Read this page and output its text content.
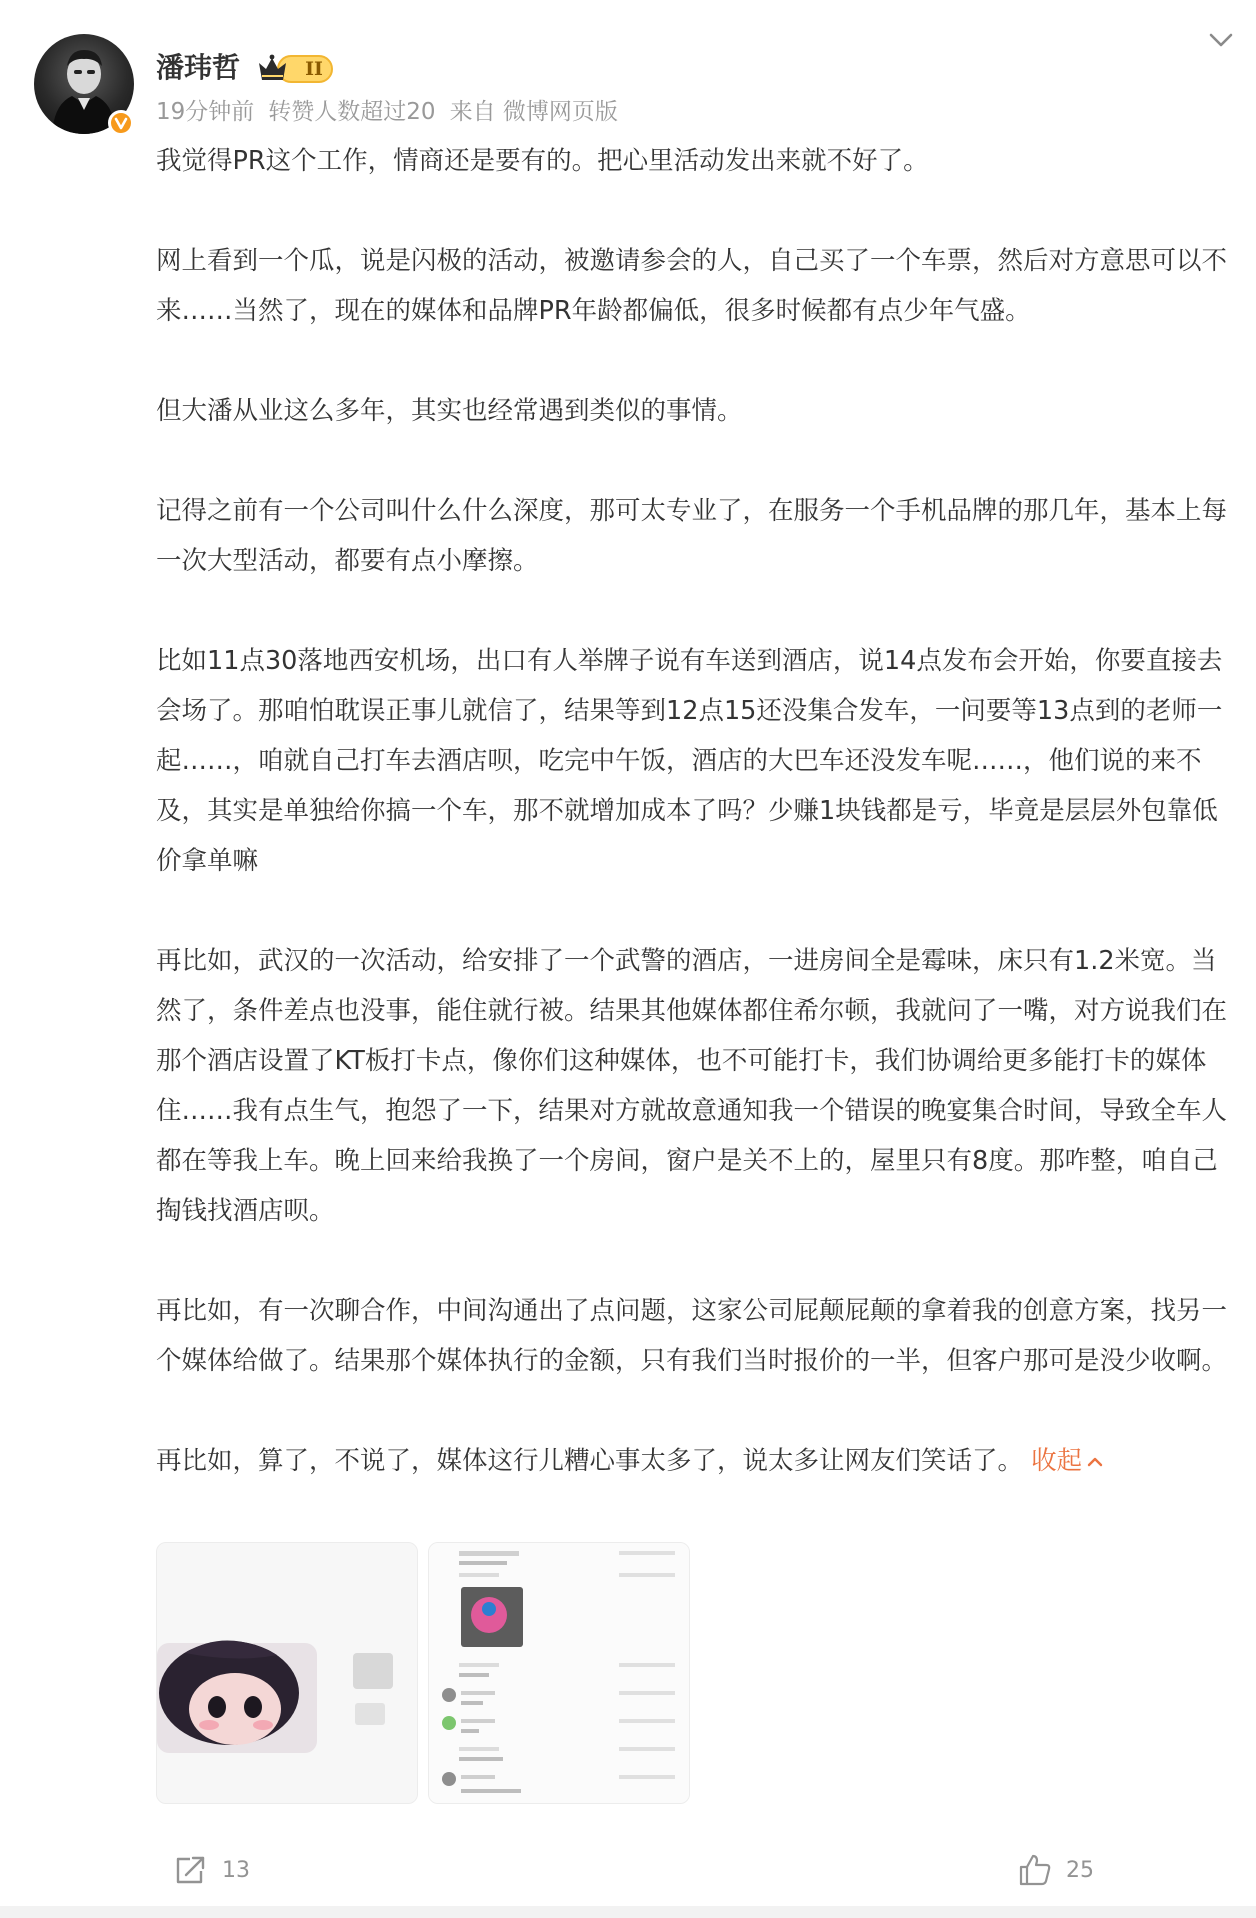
潘玮哲	II
19分钟前 转赞人数超过20 来自 微博网页版

我觉得PR这个工作，情商还是要有的。把心里活动发出来就不好了。

网上看到一个瓜，说是闪极的活动，被邀请参会的人，自己买了一个车票，然后对方意思可以不来……当然了，现在的媒体和品牌PR年龄都偏低，很多时候都有点少年气盛。

但大潘从业这么多年，其实也经常遇到类似的事情。

记得之前有一个公司叫什么什么深度，那可太专业了，在服务一个手机品牌的那几年，基本上每一次大型活动，都要有点小摩擦。

比如11点30落地西安机场，出口有人举牌子说有车送到酒店，说14点发布会开始，你要直接去会场了。那咱怕耽误正事儿就信了，结果等到12点15还没集合发车，一问要等13点到的老师一起……，咱就自己打车去酒店呗，吃完中午饭，酒店的大巴车还没发车呢……，他们说的来不及，其实是单独给你搞一个车，那不就增加成本了吗？少赚1块钱都是亏，毕竟是层层外包靠低价拿单嘛

再比如，武汉的一次活动，给安排了一个武警的酒店，一进房间全是霉味，床只有1.2米宽。当然了，条件差点也没事，能住就行被。结果其他媒体都住希尔顿，我就问了一嘴，对方说我们在那个酒店设置了KT板打卡点，像你们这种媒体，也不可能打卡，我们协调给更多能打卡的媒体住……我有点生气，抱怨了一下，结果对方就故意通知我一个错误的晚宴集合时间，导致全车人都在等我上车。晚上回来给我换了一个房间，窗户是关不上的，屋里只有8度。那咋整，咱自己掏钱找酒店呗。

再比如，有一次聊合作，中间沟通出了点问题，这家公司屁颠屁颠的拿着我的创意方案，找另一个媒体给做了。结果那个媒体执行的金额，只有我们当时报价的一半，但客户那可是没少收啊。

再比如，算了，不说了，媒体这行儿糟心事太多了，说太多让网友们笑话了。 收起

13	25
